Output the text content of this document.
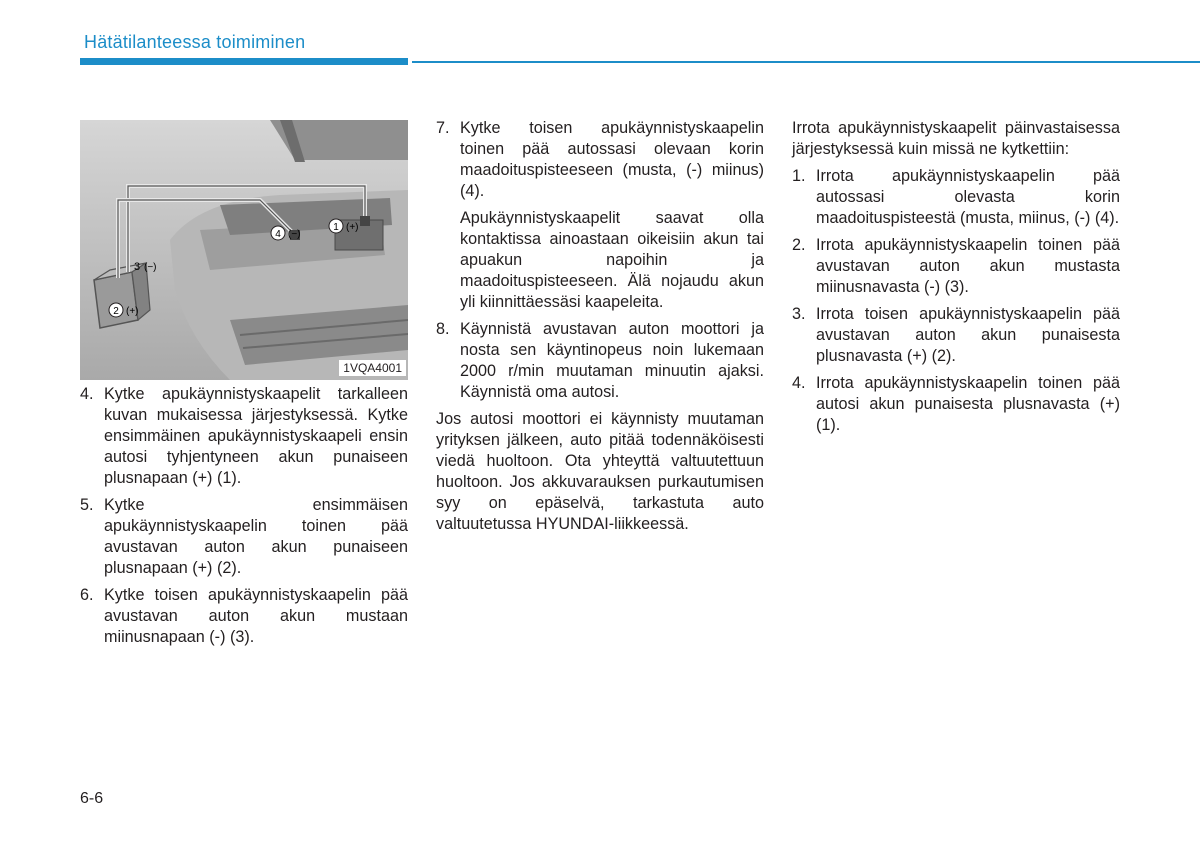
Hätätilanteessa toimiminen
1 (+)
2 (+)
3 (−)
4 (−)
1VQA4001
4. Kytke apukäynnistyskaapelit tarkalleen kuvan mukaisessa järjestyksessä. Kytke ensimmäinen apukäynnistyskaapeli ensin autosi tyhjentyneen akun punaiseen plusnapaan (+) (1).
5. Kytke ensimmäisen apukäynnistyskaapelin toinen pää avustavan auton akun punaiseen plusnapaan (+) (2).
6. Kytke toisen apukäynnistyskaapelin pää avustavan auton akun mustaan miinusnapaan (-) (3).
7. Kytke toisen apukäynnistyskaapelin toinen pää autossasi olevaan korin maadoituspisteeseen (musta, (-) miinus) (4).

Apukäynnistyskaapelit saavat olla kontaktissa ainoastaan oikeisiin akun tai apuakun napoihin ja maadoituspisteeseen. Älä nojaudu akun yli kiinnittäessäsi kaapeleita.

8. Käynnistä avustavan auton moottori ja nosta sen käyntinopeus noin lukemaan 2000 r/min muutaman minuutin ajaksi. Käynnistä oma autosi.

Jos autosi moottori ei käynnisty muutaman yrityksen jälkeen, auto pitää todennäköisesti viedä huoltoon. Ota yhteyttä valtuutettuun huoltoon. Jos akkuvarauksen purkautumisen syy on epäselvä, tarkastuta auto valtuutetussa HYUNDAI-liikkeessä.

Irrota apukäynnistyskaapelit päinvastaisessa järjestyksessä kuin missä ne kytkettiin:

1. Irrota apukäynnistyskaapelin pää autossasi olevasta korin maadoituspisteestä (musta, miinus, (-) (4).
2. Irrota apukäynnistyskaapelin toinen pää avustavan auton akun mustasta miinusnavasta (-) (3).
3. Irrota toisen apukäynnistyskaapelin pää avustavan auton akun punaisesta plusnavasta (+) (2).
4. Irrota apukäynnistyskaapelin toinen pää autosi akun punaisesta plusnavasta (+) (1).
6-6
